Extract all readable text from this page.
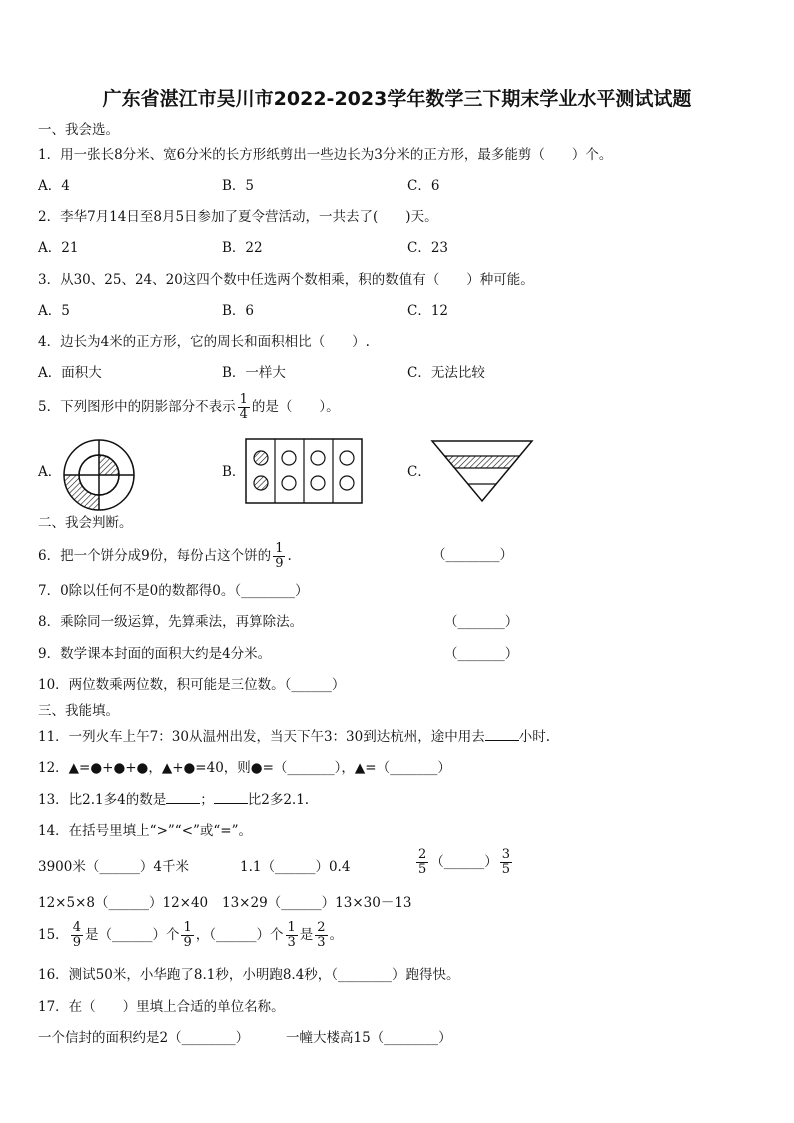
广东省湛江市吴川市2022-2023学年数学三下期末学业水平测试试题
一、我会选。
1．用一张长8分米、宽6分米的长方形纸剪出一些边长为3分米的正方形，最多能剪（　　）个。
A．4	B．5	C．6
2．李华7月14日至8月5日参加了夏令营活动，一共去了(　　)天。
A．21	B．22	C．23
3．从30、25、24、20这四个数中任选两个数相乘，积的数值有（　　）种可能。
A．5	B．6	C．12
4．边长为4米的正方形，它的周长和面积相比（　　）.
A．面积大	B．一样大	C．无法比较
5．下列图形中的阴影部分不表示 $\frac{1}{4}$ 的是（　　）。
A．	B．	C．
二、我会判断。
6．把一个饼分成9份，每份占这个饼的 $\frac{1}{9}$ .	（________）
7．0除以任何不是0的数都得0。（________）
8．乘除同一级运算，先算乘法，再算除法。	（_______）
9．数学课本封面的面积大约是4分米。	（_______）
10．两位数乘两位数，积可能是三位数。（______）
三、我能填。
11．一列火车上午7：30从温州出发，当天下午3：30到达杭州，途中用去	小时.
12．▲=●+●+●，▲+●=40，则●=（_______），▲=（_______）
13．比2.1多4的数是	；	比2多2.1.
14．在括号里填上“>”“<”或“=”。
3900米（______）4千米	1.1（______）0.4	$\frac{2}{5}$ （______） $\frac{3}{5}$
12×5×8（______）12×40 13×29（______）13×30－13
15． $\frac{4}{9}$ 是（______）个 $\frac{1}{9}$ ，（______）个 $\frac{1}{3}$ 是 $\frac{2}{3}$ 。
16．测试50米，小华跑了8.1秒，小明跑8.4秒，（________）跑得快。
17．在（　　）里填上合适的单位名称。
一个信封的面积约是2（________）	一幢大楼高15（________）
